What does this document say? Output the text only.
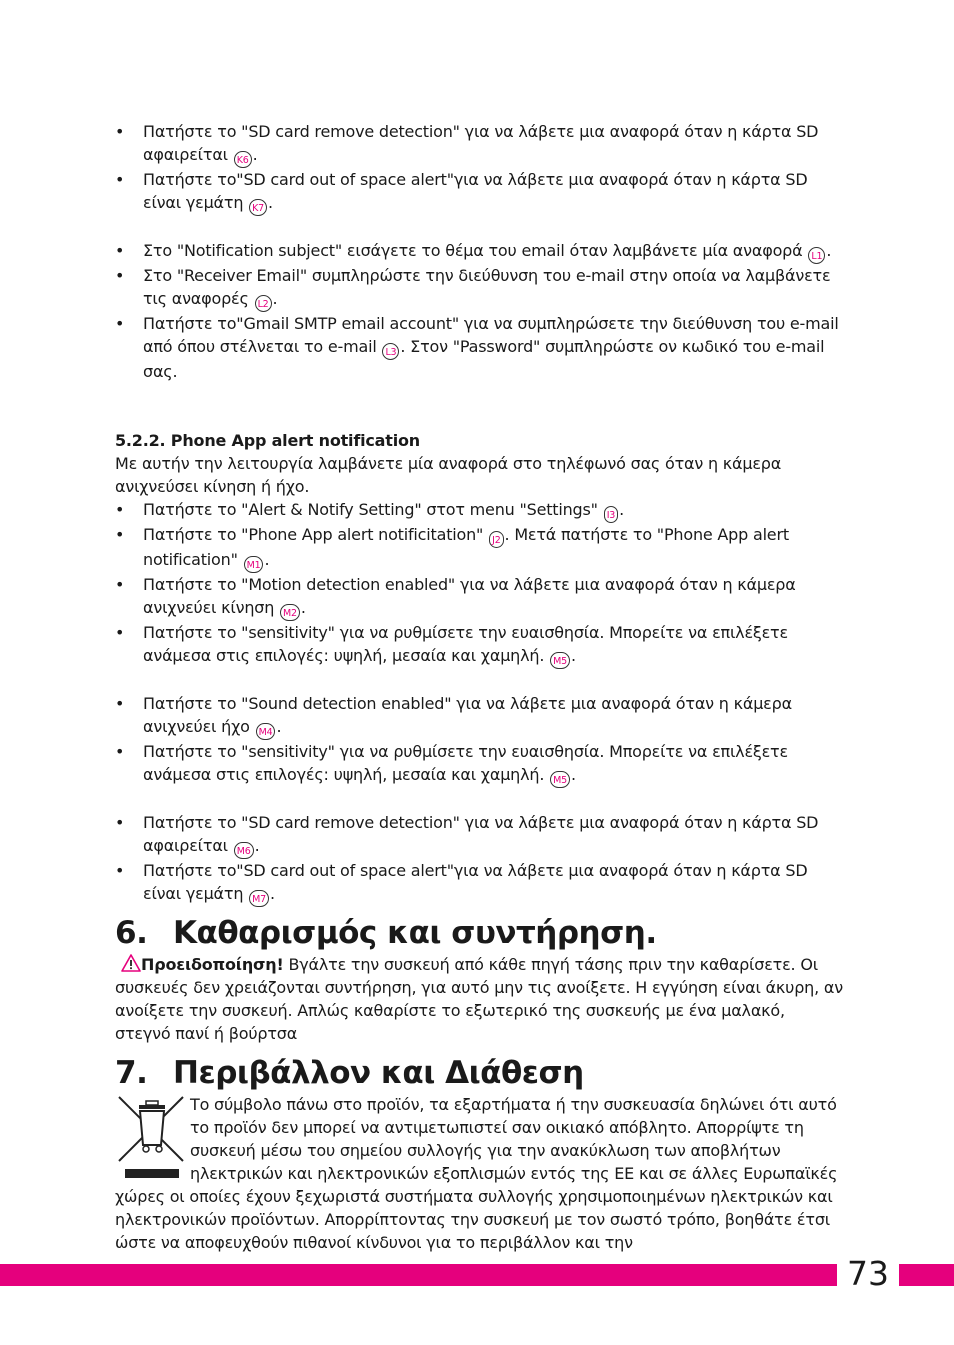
• Πατήστε το "SD card remove detection" για να λάβετε μια αναφορά όταν η κάρτα SD αφαιρείται K6 .
• Πατήστε το"SD card out of space alert"για να λάβετε μια αναφορά όταν η κάρτα SD είναι γεμάτη K7 .
• Στο "Notification subject" εισάγετε το θέμα του email όταν λαμβάνετε μία αναφορά L1 .
• Στο "Receiver Email" συμπληρώστε την διεύθυνση του e-mail στην οποία να λαμβάνετε τις αναφορές L2 .
• Πατήστε το"Gmail SMTP email account" για να συμπληρώσετε την διεύθυνση του e-mail από όπου στέλνεται το e-mail L3 . Στον "Password" συμπληρώστε ον κωδικό του e-mail σας.
5.2.2. Phone App alert notification
Με αυτήν την λειτουργία λαμβάνετε μία αναφορά στο τηλέφωνό σας όταν η κάμερα ανιχνεύσει κίνηση ή ήχο.
• Πατήστε το "Alert & Notify Setting" στοτ menu "Settings" I3 .
• Πατήστε το "Phone App alert notificitation" J2 . Μετά πατήστε το "Phone App alert notification" M1 .
• Πατήστε το "Motion detection enabled" για να λάβετε μια αναφορά όταν η κάμερα ανιχνεύει κίνηση M2 .
• Πατήστε το "sensitivity" για να ρυθμίσετε την ευαισθησία. Μπορείτε να επιλέξετε ανάμεσα στις επιλογές: υψηλή, μεσαία και χαμηλή. M5 .
• Πατήστε το "Sound detection enabled" για να λάβετε μια αναφορά όταν η κάμερα ανιχνεύει ήχο M4 .
• Πατήστε το "sensitivity" για να ρυθμίσετε την ευαισθησία. Μπορείτε να επιλέξετε ανάμεσα στις επιλογές: υψηλή, μεσαία και χαμηλή. M5 .
• Πατήστε το "SD card remove detection" για να λάβετε μια αναφορά όταν η κάρτα SD αφαιρείται M6 .
• Πατήστε το"SD card out of space alert"για να λάβετε μια αναφορά όταν η κάρτα SD είναι γεμάτη M7 .
6. Καθαρισμός και συντήρηση.
Προειδοποίηση! Βγάλτε την συσκευή από κάθε πηγή τάσης πριν την καθαρίσετε. Οι συσκευές δεν χρειάζονται συντήρηση, για αυτό μην τις ανοίξετε. Η εγγύηση είναι άκυρη, αν ανοίξετε την συσκευή. Απλώς καθαρίστε το εξωτερικό της συσκευής με ένα μαλακό, στεγνό πανί ή βούρτσα
7. Περιβάλλον και Διάθεση
Το σύμβολο πάνω στο προϊόν, τα εξαρτήματα ή την συσκευασία δηλώνει ότι αυτό το προϊόν δεν μπορεί να αντιμετωπιστεί σαν οικιακό απόβλητο. Απορρίψτε τη συσκευή μέσω του σημείου συλλογής για την ανακύκλωση των αποβλήτων ηλεκτρικών και ηλεκτρονικών εξοπλισμών εντός της ΕΕ και σε άλλες Ευρωπαϊκές χώρες οι οποίες έχουν ξεχωριστά συστήματα συλλογής χρησιμοποιημένων ηλεκτρικών και ηλεκτρονικών προϊόντων. Απορρίπτοντας την συσκευή με τον σωστό τρόπο, βοηθάτε έτσι ώστε να αποφευχθούν πιθανοί κίνδυνοι για το περιβάλλον και την
73
